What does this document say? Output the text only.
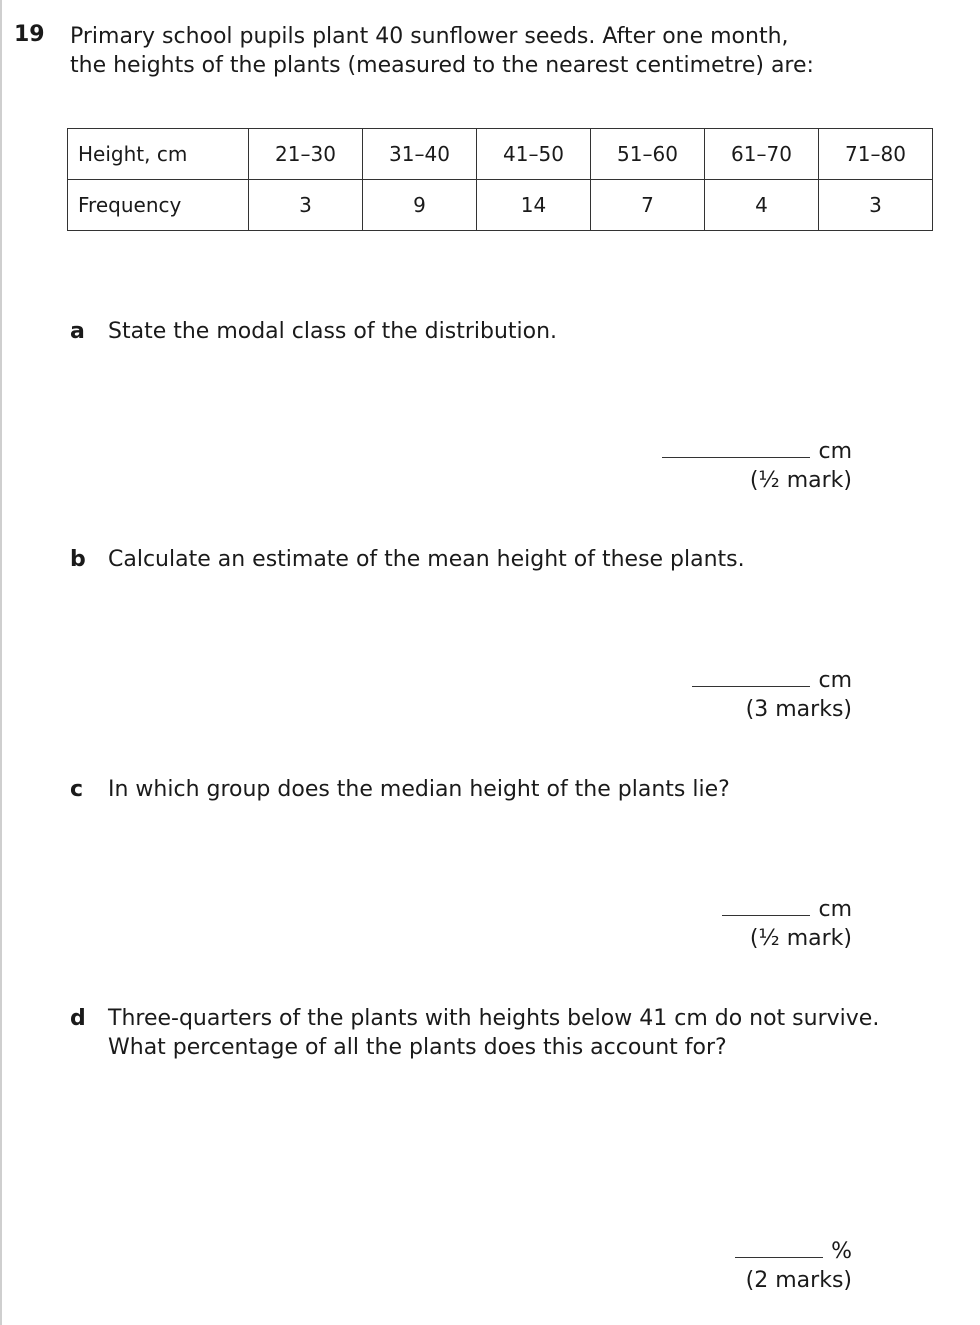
19 Primary school pupils plant 40 sunflower seeds. After one month,
the heights of the plants (measured to the nearest centimetre) are:
Height, cm	21–30	31–40	41–50	51–60	61–70	71–80
Frequency	3	9	14	7	4	3
a State the modal class of the distribution.
cm
(½ mark)
b Calculate an estimate of the mean height of these plants.
cm
(3 marks)
c In which group does the median height of the plants lie?
cm
(½ mark)
d Three-quarters of the plants with heights below 41 cm do not survive.
What percentage of all the plants does this account for?
%
(2 marks)
